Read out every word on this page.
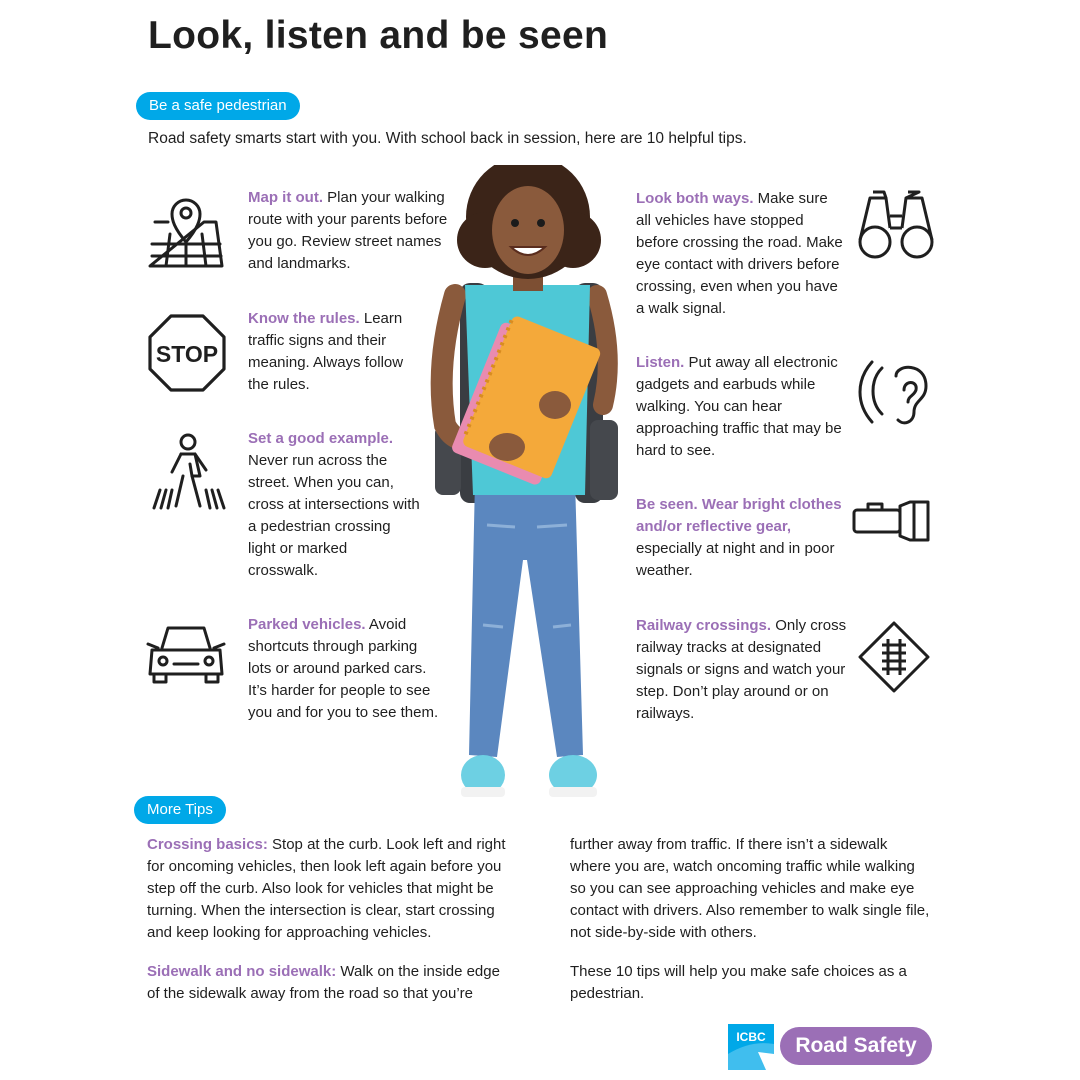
Look, listen and be seen
Be a safe pedestrian
Road safety smarts start with you. With school back in session, here are 10 helpful tips.
STOP
Map it out. Plan your walking route with your parents before you go. Review street names and landmarks.
Know the rules. Learn traffic signs and their meaning. Always follow the rules.
Set a good example. Never run across the street. When you can, cross at intersections with a pedestrian crossing light or marked crosswalk.
Parked vehicles. Avoid shortcuts through parking lots or around parked cars. It’s harder for people to see you and for you to see them.
Look both ways. Make sure all vehicles have stopped before crossing the road. Make eye contact with drivers before crossing, even when you have a walk signal.
Listen. Put away all electronic gadgets and earbuds while walking. You can hear approaching traffic that may be hard to see.
Be seen. Wear bright clothes and/or reflective gear, especially at night and in poor weather.
Railway crossings. Only cross railway tracks at designated signals or signs and watch your step. Don’t play around or on railways.
More Tips

Crossing basics: Stop at the curb. Look left and right for oncoming vehicles, then look left again before you step off the curb. Also look for vehicles that might be turning. When the intersection is clear, start crossing and keep looking for approaching vehicles.

Sidewalk and no sidewalk: Walk on the inside edge of the sidewalk away from the road so that you’re

further away from traffic. If there isn’t a sidewalk where you are, watch oncoming traffic while walking so you can see approaching vehicles and make eye contact with drivers. Also remember to walk single file, not side-by-side with others.

These 10 tips will help you make safe choices as a pedestrian.

ICBC	Road Safety
